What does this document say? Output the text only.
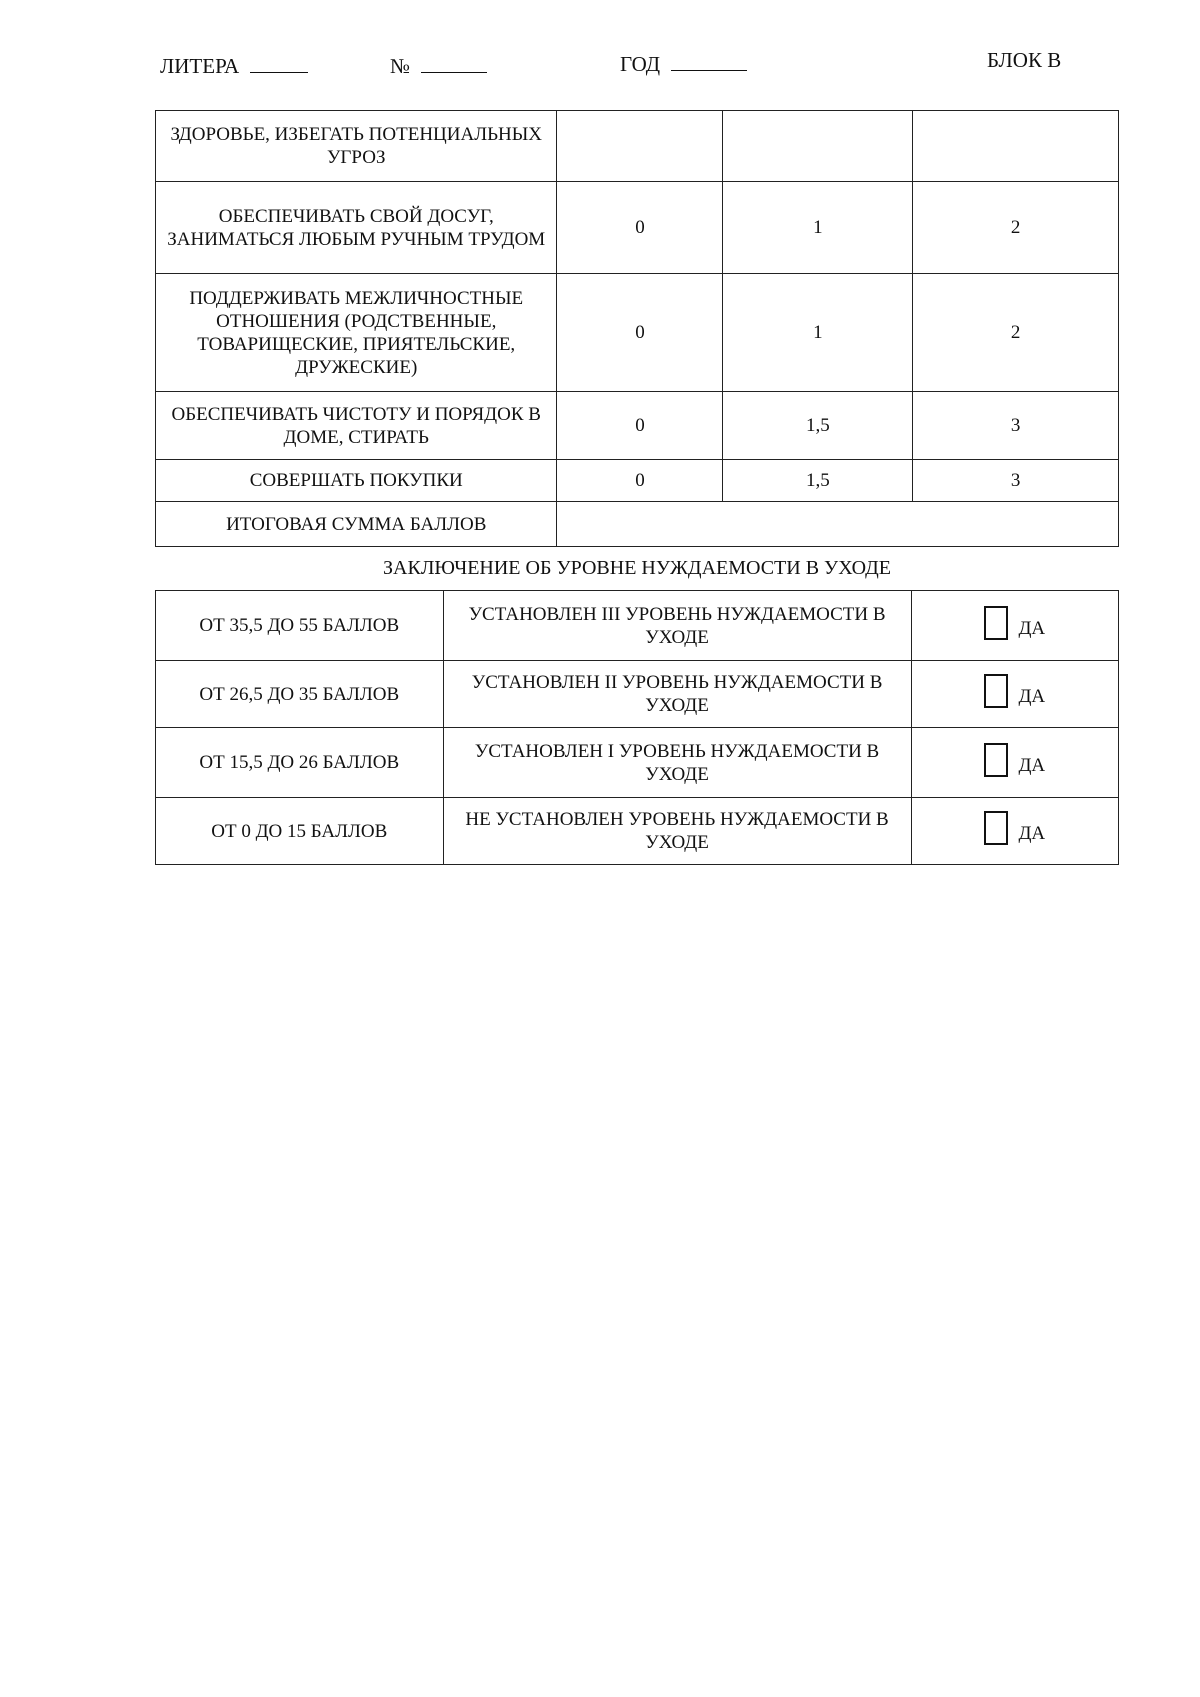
ЛИТЕРА	№	ГОД	БЛОК В
ЗДОРОВЬЕ, ИЗБЕГАТЬ ПОТЕНЦИАЛЬНЫХ УГРОЗ			
ОБЕСПЕЧИВАТЬ СВОЙ ДОСУГ, ЗАНИМАТЬСЯ ЛЮБЫМ РУЧНЫМ ТРУДОМ	0	1	2
ПОДДЕРЖИВАТЬ МЕЖЛИЧНОСТНЫЕ ОТНОШЕНИЯ (РОДСТВЕННЫЕ, ТОВАРИЩЕСКИЕ, ПРИЯТЕЛЬСКИЕ, ДРУЖЕСКИЕ)	0	1	2
ОБЕСПЕЧИВАТЬ ЧИСТОТУ И ПОРЯДОК В ДОМЕ, СТИРАТЬ	0	1,5	3
СОВЕРШАТЬ ПОКУПКИ	0	1,5	3
ИТОГОВАЯ СУММА БАЛЛОВ			
ЗАКЛЮЧЕНИЕ ОБ УРОВНЕ НУЖДАЕМОСТИ В УХОДЕ
ОТ 35,5 ДО 55 БАЛЛОВ	УСТАНОВЛЕН III УРОВЕНЬ НУЖДАЕМОСТИ В УХОДЕ	ДА

ОТ 26,5 ДО 35 БАЛЛОВ	УСТАНОВЛЕН II УРОВЕНЬ НУЖДАЕМОСТИ В УХОДЕ	ДА

ОТ 15,5 ДО 26 БАЛЛОВ	УСТАНОВЛЕН I УРОВЕНЬ НУЖДАЕМОСТИ В УХОДЕ	ДА

ОТ 0 ДО 15 БАЛЛОВ	НЕ УСТАНОВЛЕН УРОВЕНЬ НУЖДАЕМОСТИ В УХОДЕ	ДА
